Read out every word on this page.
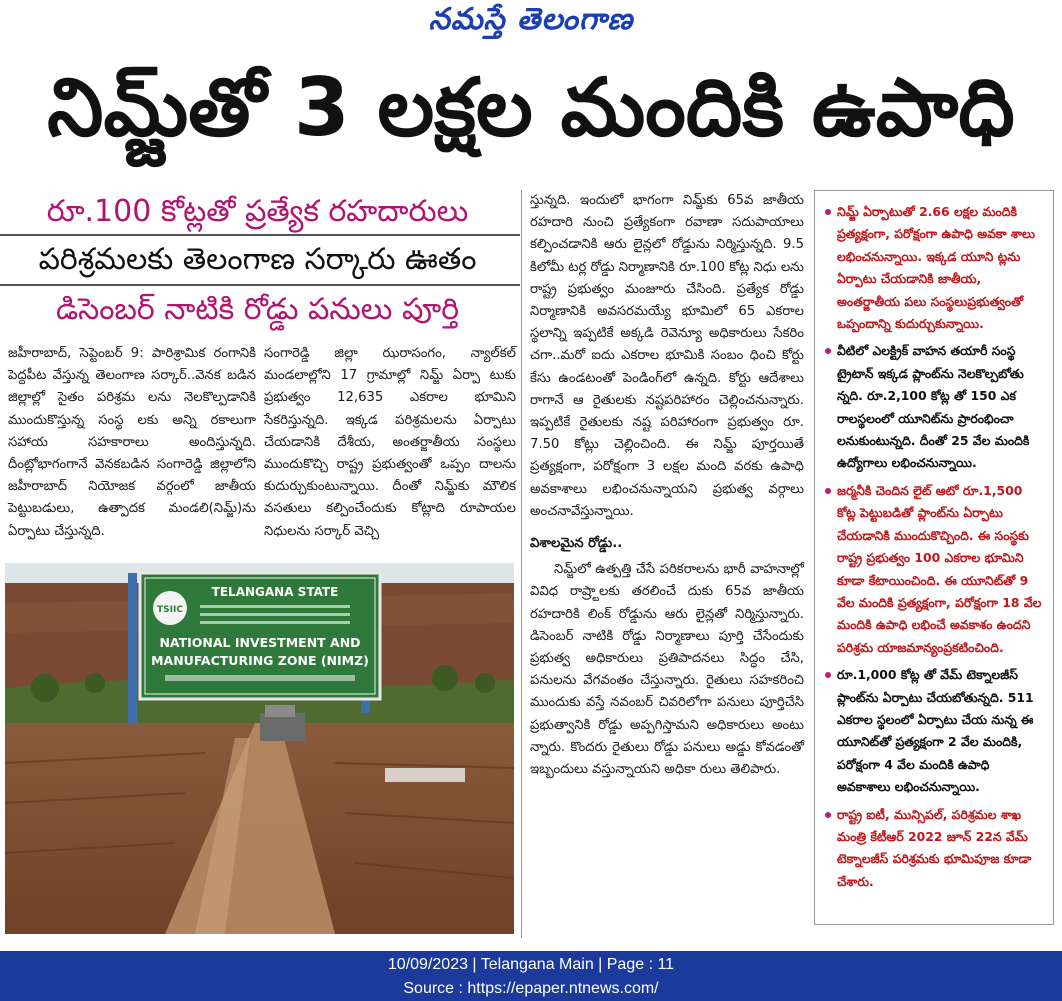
నమస్తే తెలంగాణ
నిమ్జ్‌తో 3 లక్షల మందికి ఉపాధి
రూ.100 కోట్లతో ప్రత్యేక రహదారులు
పరిశ్రమలకు తెలంగాణ సర్కారు ఊతం
డిసెంబర్ నాటికి రోడ్డు పనులు పూర్తి

జహీరాబాద్, సెప్టెంబర్ 9: పారిశ్రామిక రంగానికి పెద్దపీట వేస్తున్న తెలంగాణ సర్కార్..వెనక బడిన జిల్లాల్లో సైతం పరిశ్రమ లను నెలకొల్పడానికి ముందుకొస్తున్న సంస్థ లకు అన్ని రకాలుగా సహాయ సహకారాలు అందిస్తున్నది. దీంట్లోభాగంగానే వెనకబడిన సంగారెడ్డి జిల్లాలోని జహీరాబాద్ నియోజక వర్గంలో జాతీయ పెట్టుబడులు, ఉత్పాదక మండలి(నిమ్జ్)ను ఏర్పాటు చేస్తున్నది.

సంగారెడ్డి జిల్లా ఝరాసంగం, న్యాల్‌కల్ మండలాల్లోని 17 గ్రామాల్లో నిమ్జ్ ఏర్పా టుకు ప్రభుత్వం 12,635 ఎకరాల భూమిని సేకరిస్తున్నది. ఇక్కడ పరిశ్రమలను ఏర్పాటు చేయడానికి దేశీయ, అంతర్జాతీయ సంస్థలు ముందుకొచ్చి రాష్ట్ర ప్రభుత్వంతో ఒప్పం దాలను కుదుర్చుకుంటున్నాయి. దీంతో నిమ్జ్‌కు మౌలిక వసతులు కల్పించేందుకు కోట్లాది రూపాయల నిధులను సర్కార్ వెచ్చి

స్తున్నది. ఇందులో భాగంగా నిమ్జ్‌కు 65వ జాతీయ రహదారి నుంచి ప్రత్యేకంగా రవాణా సదుపాయాలు కల్పించడానికి ఆరు లైన్లలో రోడ్డును నిర్మిస్తున్నది. 9.5 కిలోమీ టర్ల రోడ్డు నిర్మాణానికి రూ.100 కోట్ల నిధు లను రాష్ట్ర ప్రభుత్వం మంజూరు చేసింది. ప్రత్యేక రోడ్డు నిర్మాణానికి అవసరమయ్యే భూమిలో 65 ఎకరాల స్థలాన్ని ఇప్పటికే అక్కడి రెవెన్యూ అధికారులు సేకరిం చగా..మరో ఐదు ఎకరాల భూమికి సంబం ధించి కోర్టు కేసు ఉండటంతో పెండింగ్‌లో ఉన్నది. కోర్టు ఆదేశాలు రాగానే ఆ రైతులకు నష్టపరిహారం చెల్లించనున్నారు. ఇప్పటికే రైతులకు నష్ట పరిహారంగా ప్రభుత్వం రూ. 7.50 కోట్లు చెల్లించింది. ఈ నిమ్జ్ పూర్తయితే ప్రత్యక్షంగా, పరోక్షంగా 3 లక్షల మంది వరకు ఉపాధి అవకాశాలు లభించనున్నాయని ప్రభుత్వ వర్గాలు అంచనావేస్తున్నాయి.

విశాలమైన రోడ్డు..

నిమ్జ్‌లో ఉత్పత్తి చేసే పరికరాలను భారీ వాహనాల్లో వివిధ రాష్ర్టాలకు తరలించే దుకు 65వ జాతీయ రహదారికి లింక్ రోడ్డును ఆరు లైన్లతో నిర్మిస్తున్నారు. డిసెంబర్ నాటికి రోడ్డు నిర్మాణాలు పూర్తి చేసేందుకు ప్రభుత్వ అధికారులు ప్రతిపాదనలు సిద్ధం చేసి, పనులను వేగవంతం చేస్తున్నారు. రైతులు సహకరించి ముందుకు వస్తే నవంబర్ చివరిలోగా పనులు పూర్తిచేసి ప్రభుత్వానికి రోడ్డు అప్పగిస్తామని అధికారులు అంటు న్నారు. కొందరు రైతులు రోడ్డు పనులు అడ్డు కోవడంతో ఇబ్బందులు వస్తున్నాయని అధికా రులు తెలిపారు.

TSIIC
TELANGANA STATE
NATIONAL INVESTMENT AND
MANUFACTURING ZONE (NIMZ)
నిమ్జ్ ఏర్పాటుతో 2.66 లక్షల మందికి ప్రత్యక్షంగా, పరోక్షంగా ఉపాధి అవకా శాలు లభించనున్నాయి. ఇక్కడ యూని ట్లను ఏర్పాటు చేయడానికి జాతీయ, అంతర్జాతీయ పలు సంస్థలుప్రభుత్వంతో ఒప్పందాన్ని కుదుర్చుకున్నాయి.
వీటిలో ఎలక్ట్రిక్ వాహన తయారీ సంస్థ ట్రైటాన్ ఇక్కడ ప్లాంట్‌ను నెలకొల్పబోతు న్నది. రూ.2,100 కోట్ల తో 150 ఎక రాలస్థలంలో యూనిట్‌ను ప్రారంభించా లనుకుంటున్నది. దీంతో 25 వేల మందికి ఉద్యోగాలు లభించనున్నాయి.
జర్మనీకి చెందిన లైట్ ఆటో రూ.1,500 కోట్ల పెట్టుబడితో ప్లాంట్‌ను ఏర్పాటు చేయడానికి ముందుకొచ్చింది. ఈ సంస్థకు రాష్ట్ర ప్రభుత్వం 100 ఎకరాల భూమిని కూడా కేటాయించింది. ఈ యూనిట్‌తో 9 వేల మందికి ప్రత్యక్షంగా, పరోక్షంగా 18 వేల మందికి ఉపాధి లభించే అవకాశం ఉందని పరిశ్రమ యాజమాన్యంప్రకటించింది.
రూ.1,000 కోట్ల తో వేమ్ టెక్నాలజీస్ ప్లాంట్‌ను ఏర్పాటు చేయబోతున్నది. 511 ఎకరాల స్థలంలో ఏర్పాటు చేయ నున్న ఈ యూనిట్‌తో ప్రత్యక్షంగా 2 వేల మందికి, పరోక్షంగా 4 వేల మందికి ఉపాధి అవకాశాలు లభించనున్నాయి.
రాష్ట్ర ఐటీ, మున్సిపల్, పరిశ్రమల శాఖ మంత్రి కేటీఆర్ 2022 జూన్ 22న వేమ్ టెక్నాలజీస్ పరిశ్రమకు భూమిపూజ కూడా చేశారు.
10/09/2023 | Telangana Main | Page : 11
Source : https://epaper.ntnews.com/
